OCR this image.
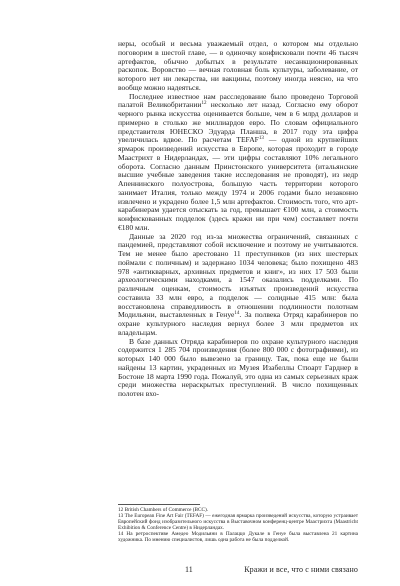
неры, особый и весьма уважаемый отдел, о котором мы отдельно поговорим в шестой главе, — в одиночку конфисковали почти 46 тысяч артефактов, обычно добытых в результате несанкционированных раскопок. Воровство — вечная головная боль культуры, заболевание, от которого нет ни лекарства, ни вакцины, поэтому иногда неясно, на что вообще можно надеяться.

Последнее известное нам расследование было проведено Торговой палатой Великобритании$^{12}$ несколько лет назад. Согласно ему оборот черного рынка искусства оценивается больше, чем в 6 млрд долларов и примерно в столько же миллиардов евро. По словам официального представителя ЮНЕСКО Эдуарда Планша, в 2017 году эта цифра увеличилась вдвое. По расчетам TEFAF$^{13}$ — одной из крупнейших ярмарок произведений искусства в Европе, которая проходит в городе Маастрихт в Нидерландах, — эти цифры составляют 10% легального оборота. Согласно данным Принстонского университета (итальянские высшие учебные заведения такие исследования не проводят), из недр Апеннинского полуострова, большую часть территории которого занимает Италия, только между 1974 и 2006 годами было незаконно извлечено и украдено более 1,5 млн артефактов. Стоимость того, что арт-карабинерам удается отыскать за год, превышает €100 млн, а стоимость конфискованных подделок (здесь кражи ни при чем) составляет почти €180 млн.

Данные за 2020 год из-за множества ограничений, связанных с пандемией, представляют собой исключение и поэтому не учитываются. Тем не менее было арестовано 11 преступников (из них шестерых поймали с поличным) и задержано 1034 человека; было похищено 483 978 «антикварных, архивных предметов и книг», из них 17 503 были археологическими находками, а 1547 оказались подделками. По различным оценкам, стоимость изъятых произведений искусства составила 33 млн евро, а подделок — солидные 415 млн: была восстановлена справедливость в отношении подлинности полотнам Модильяни, выставленных в Генуе$^{14}$. За полвека Отряд карабинеров по охране культурного наследия вернул более 3 млн предметов их владельцам.

В базе данных Отряда карабинеров по охране культурного наследия содержится 1 285 704 произведения (более 800 000 с фотографиями), из которых 140 000 было вывезено за границу. Так, пока еще не были найдены 13 картин, украденных из Музея Изабеллы Стюарт Гарднер в Бостоне 18 марта 1990 года. Пожалуй, это одна из самых серьезных краж среди множества нераскрытых преступлений. В число похищенных полотен вхо-

12 British Chambers of Commerce (BCC).

13 The European Fine Art Fair (TEFAF) — ежегодная ярмарка произведений искусства, которую устраивает Европейский фонд изобразительного искусства в Выставочном конференц-центре Маастрихта (Maastricht Exhibition & Conference Centre) в Нидерландах.

14 На ретроспективе Амедео Модильяни в Палаццо Дукале в Генуе была выставлена 21 картина художника. По мнению специалистов, лишь одна работа не была подделкой.

11	Кражи и все, что с ними связано
